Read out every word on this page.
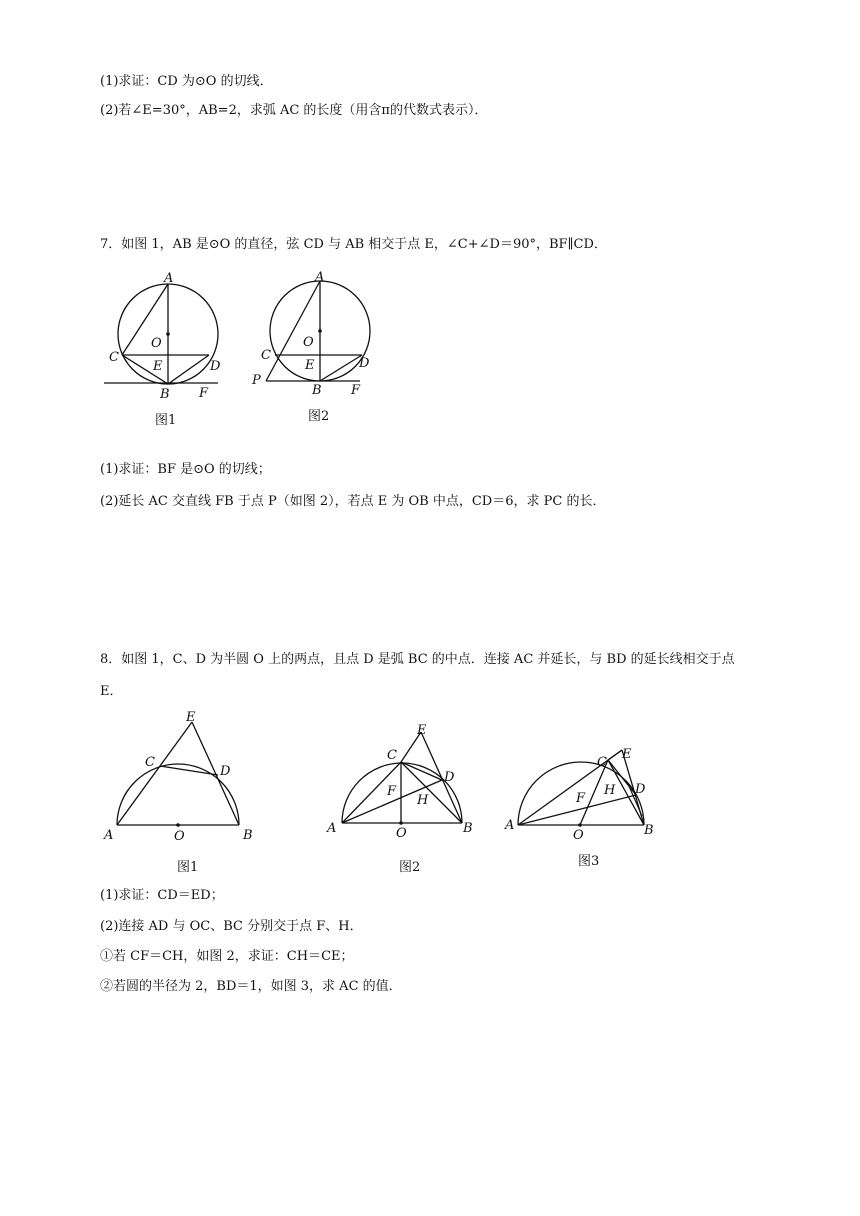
(1)求证：CD 为⊙O 的切线．
(2)若∠E=30°，AB=2，求弧 AC 的长度（用含π的代数式表示）．
7．如图 1，AB 是⊙O 的直径，弦 CD 与 AB 相交于点 E，∠C+∠D＝90°，BF∥CD．
A
O
C
E	D
B F
图1
A
O
C
E	D
P
B F
图2
(1)求证：BF 是⊙O 的切线；
(2)延长 AC 交直线 FB 于点 P（如图 2），若点 E 为 OB 中点，CD＝6，求 PC 的长．
8．如图 1，C、D 为半圆 O 上的两点，且点 D 是弧 BC 的中点．连接 AC 并延长，与 BD 的延长线相交于点
E．
E
C
D
A	O	B
图1
E
C
D
F
H
A	O	B
图2
C
E
H D
F
A
O	B
图3
(1)求证：CD＝ED；
(2)连接 AD 与 OC、BC 分别交于点 F、H．
①若 CF＝CH，如图 2，求证：CH＝CE；
②若圆的半径为 2，BD＝1，如图 3，求 AC 的值．
